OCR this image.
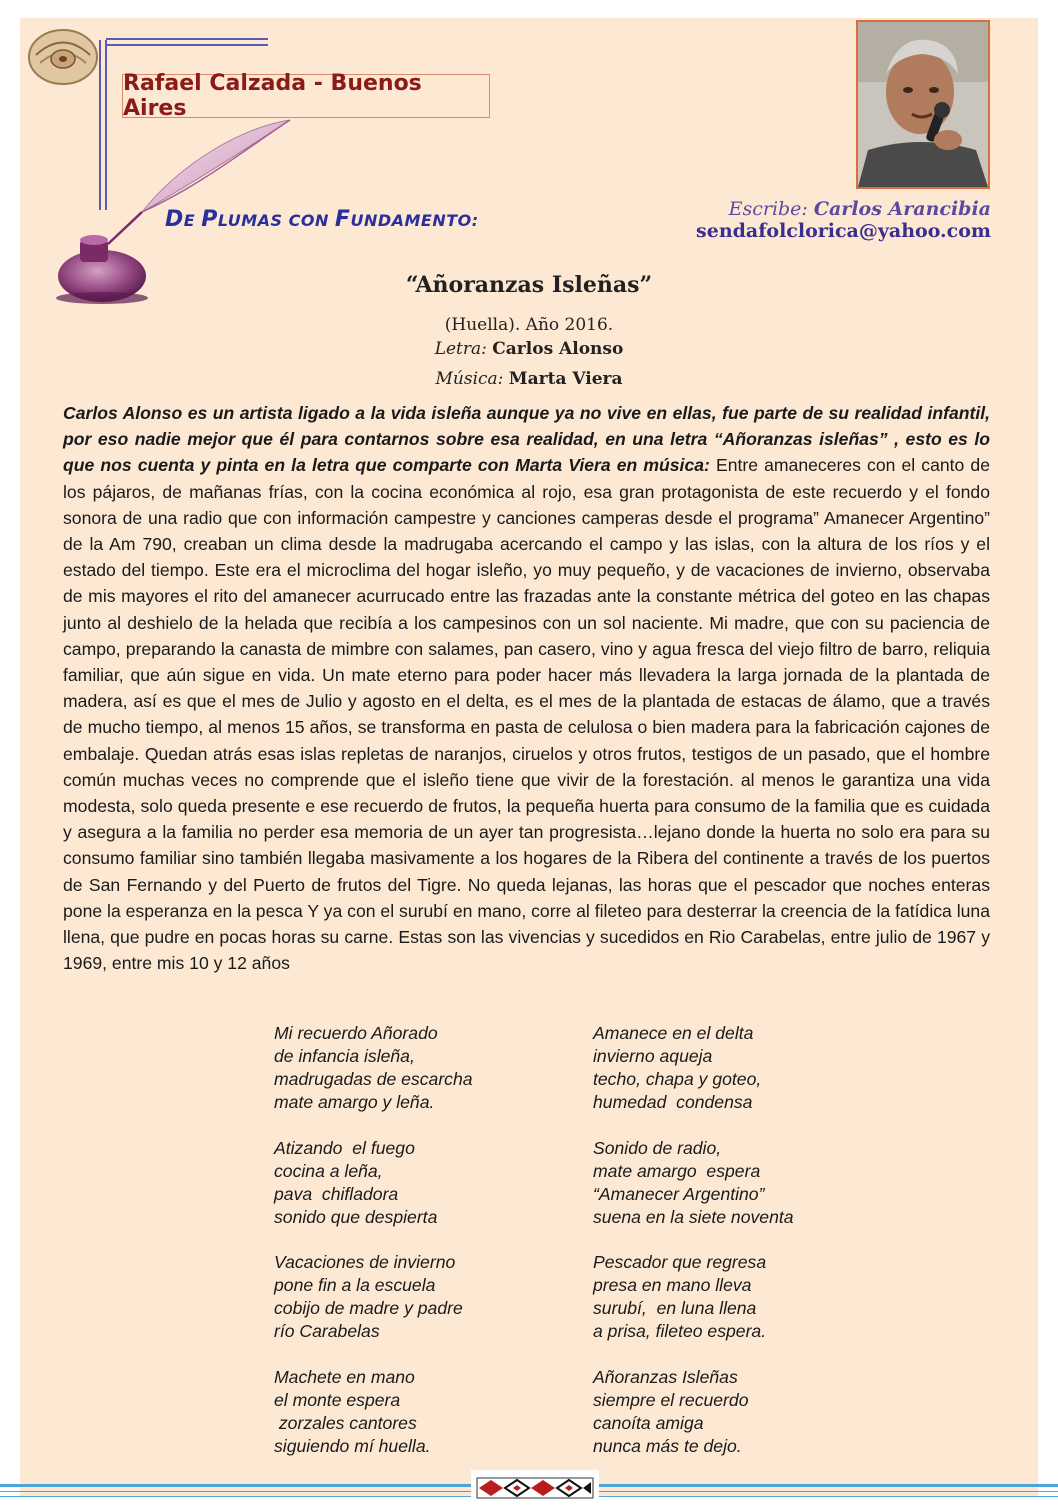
Rafael Calzada - Buenos Aires
DE PLUMAS CON FUNDAMENTO:
Escribe: Carlos Arancibia
sendafolclorica@yahoo.com
“Añoranzas Isleñas”
(Huella). Año 2016.
Letra: Carlos Alonso
Música: Marta Viera

Carlos Alonso es un artista ligado a la vida isleña aunque ya no vive en ellas, fue parte de su realidad infantil, por eso nadie mejor que él para contarnos sobre esa realidad, en una letra “Añoranzas isleñas” , esto es lo que nos cuenta y pinta en la letra que comparte con Marta Viera en música: Entre amaneceres con el canto de los pájaros, de mañanas frías, con la cocina económica al rojo, esa gran protagonista de este recuerdo y el fondo sonora de una radio que con información campestre y canciones camperas desde el programa” Amanecer Argentino” de la Am 790, creaban un clima desde la madrugaba acercando el campo y las islas, con la altura de los ríos y el estado del tiempo. Este era el microclima del hogar isleño, yo muy pequeño, y de vacaciones de invierno, observaba de mis mayores el rito del amanecer acurrucado entre las frazadas ante la constante métrica del goteo en las chapas junto al deshielo de la helada que recibía a los campesinos con un sol naciente. Mi madre, que con su paciencia de campo, preparando la canasta de mimbre con salames, pan casero, vino y agua fresca del viejo filtro de barro, reliquia familiar, que aún sigue en vida. Un mate eterno para poder hacer más llevadera la larga jornada de la plantada de madera, así es que el mes de Julio y agosto en el delta, es el mes de la plantada de estacas de álamo, que a través de mucho tiempo, al menos 15 años, se transforma en pasta de celulosa o bien madera para la fabricación cajones de embalaje. Quedan atrás esas islas repletas de naranjos, ciruelos y otros frutos, testigos de un pasado, que el hombre común muchas veces no comprende que el isleño tiene que vivir de la forestación. al menos le garantiza una vida modesta, solo queda presente e ese recuerdo de frutos, la pequeña huerta para consumo de la familia que es cuidada y asegura a la familia no perder esa memoria de un ayer tan progresista…lejano donde la huerta no solo era para su consumo familiar sino también llegaba masivamente a los hogares de la Ribera del continente a través de los puertos de San Fernando y del Puerto de frutos del Tigre. No queda lejanas, las horas que el pescador que noches enteras pone la esperanza en la pesca Y ya con el surubí en mano, corre al fileteo para desterrar la creencia de la fatídica luna llena, que pudre en pocas horas su carne. Estas son las vivencias y sucedidos en Rio Carabelas, entre julio de 1967 y 1969, entre mis 10 y 12 años

Mi recuerdo Añorado
de infancia isleña,
madrugadas de escarcha
mate amargo y leña.
Atizando  el fuego
cocina a leña,
pava  chifladora
sonido que despierta
Vacaciones de invierno
pone fin a la escuela
cobijo de madre y padre
río Carabelas
Machete en mano
el monte espera
zorzales cantores
siguiendo mí huella.
Amanece en el delta
invierno aqueja
techo, chapa y goteo,
humedad  condensa
Sonido de radio,
mate amargo  espera
“Amanecer Argentino”
suena en la siete noventa
Pescador que regresa
presa en mano lleva
surubí,  en luna llena
a prisa, fileteo espera.
Añoranzas Isleñas
siempre el recuerdo
canoíta amiga
nunca más te dejo.
